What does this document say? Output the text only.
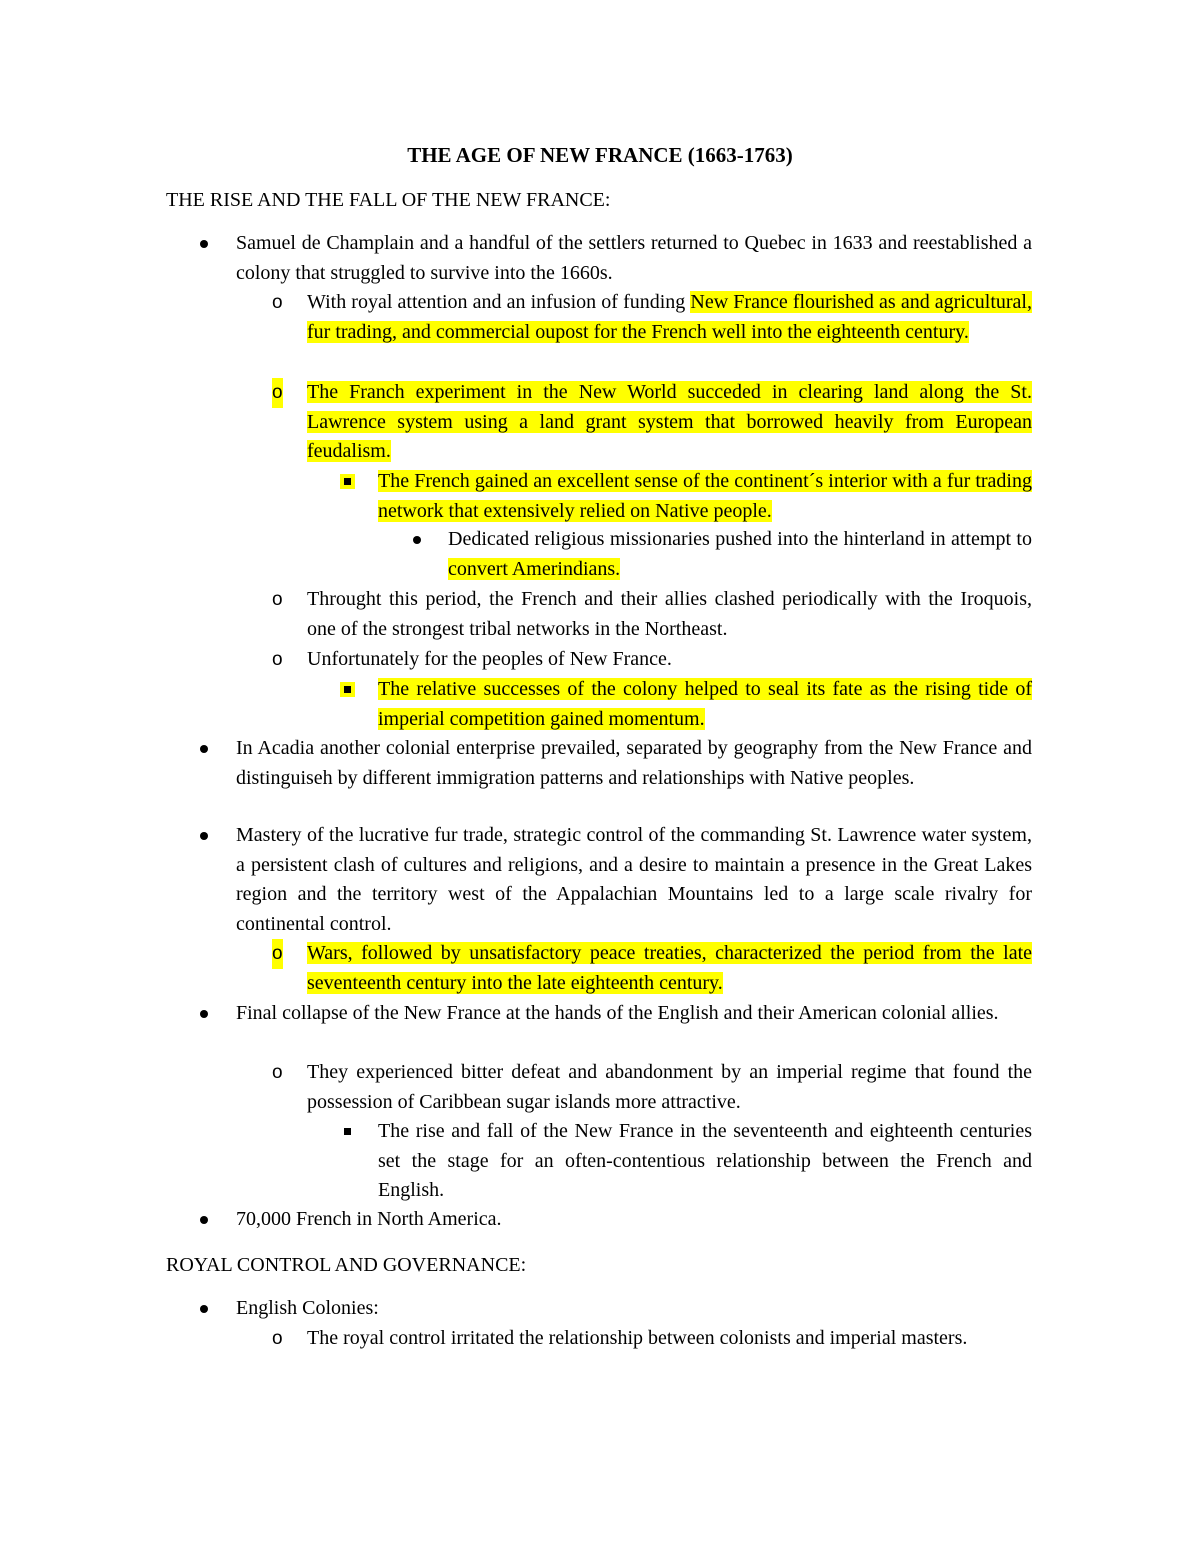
THE AGE OF NEW FRANCE (1663-1763)
THE RISE AND THE FALL OF THE NEW FRANCE:
Samuel de Champlain and a handful of the settlers returned to Quebec in 1633 and reestablished a colony that struggled to survive into the 1660s.
o With royal attention and an infusion of funding New France flourished as and agricultural, fur trading, and commercial oupost for the French well into the eighteenth century.
o The Franch experiment in the New World succeded in clearing land along the St. Lawrence system using a land grant system that borrowed heavily from European feudalism.
The French gained an excellent sense of the continent´s interior with a fur trading network that extensively relied on Native people.
Dedicated religious missionaries pushed into the hinterland in attempt to convert Amerindians.
o Throught this period, the French and their allies clashed periodically with the Iroquois, one of the strongest tribal networks in the Northeast.
o Unfortunately for the peoples of New France.
The relative successes of the colony helped to seal its fate as the rising tide of imperial competition gained momentum.
In Acadia another colonial enterprise prevailed, separated by geography from the New France and distinguiseh by different immigration patterns and relationships with Native peoples.
Mastery of the lucrative fur trade, strategic control of the commanding St. Lawrence water system, a persistent clash of cultures and religions, and a desire to maintain a presence in the Great Lakes region and the territory west of the Appalachian Mountains led to a large scale rivalry for continental control.
o Wars, followed by unsatisfactory peace treaties, characterized the period from the late seventeenth century into the late eighteenth century.
Final collapse of the New France at the hands of the English and their American colonial allies.
o They experienced bitter defeat and abandonment by an imperial regime that found the possession of Caribbean sugar islands more attractive.
The rise and fall of the New France in the seventeenth and eighteenth centuries set the stage for an often-contentious relationship between the French and English.
70,000 French in North America.
ROYAL CONTROL AND GOVERNANCE:
English Colonies:
o The royal control irritated the relationship between colonists and imperial masters.
